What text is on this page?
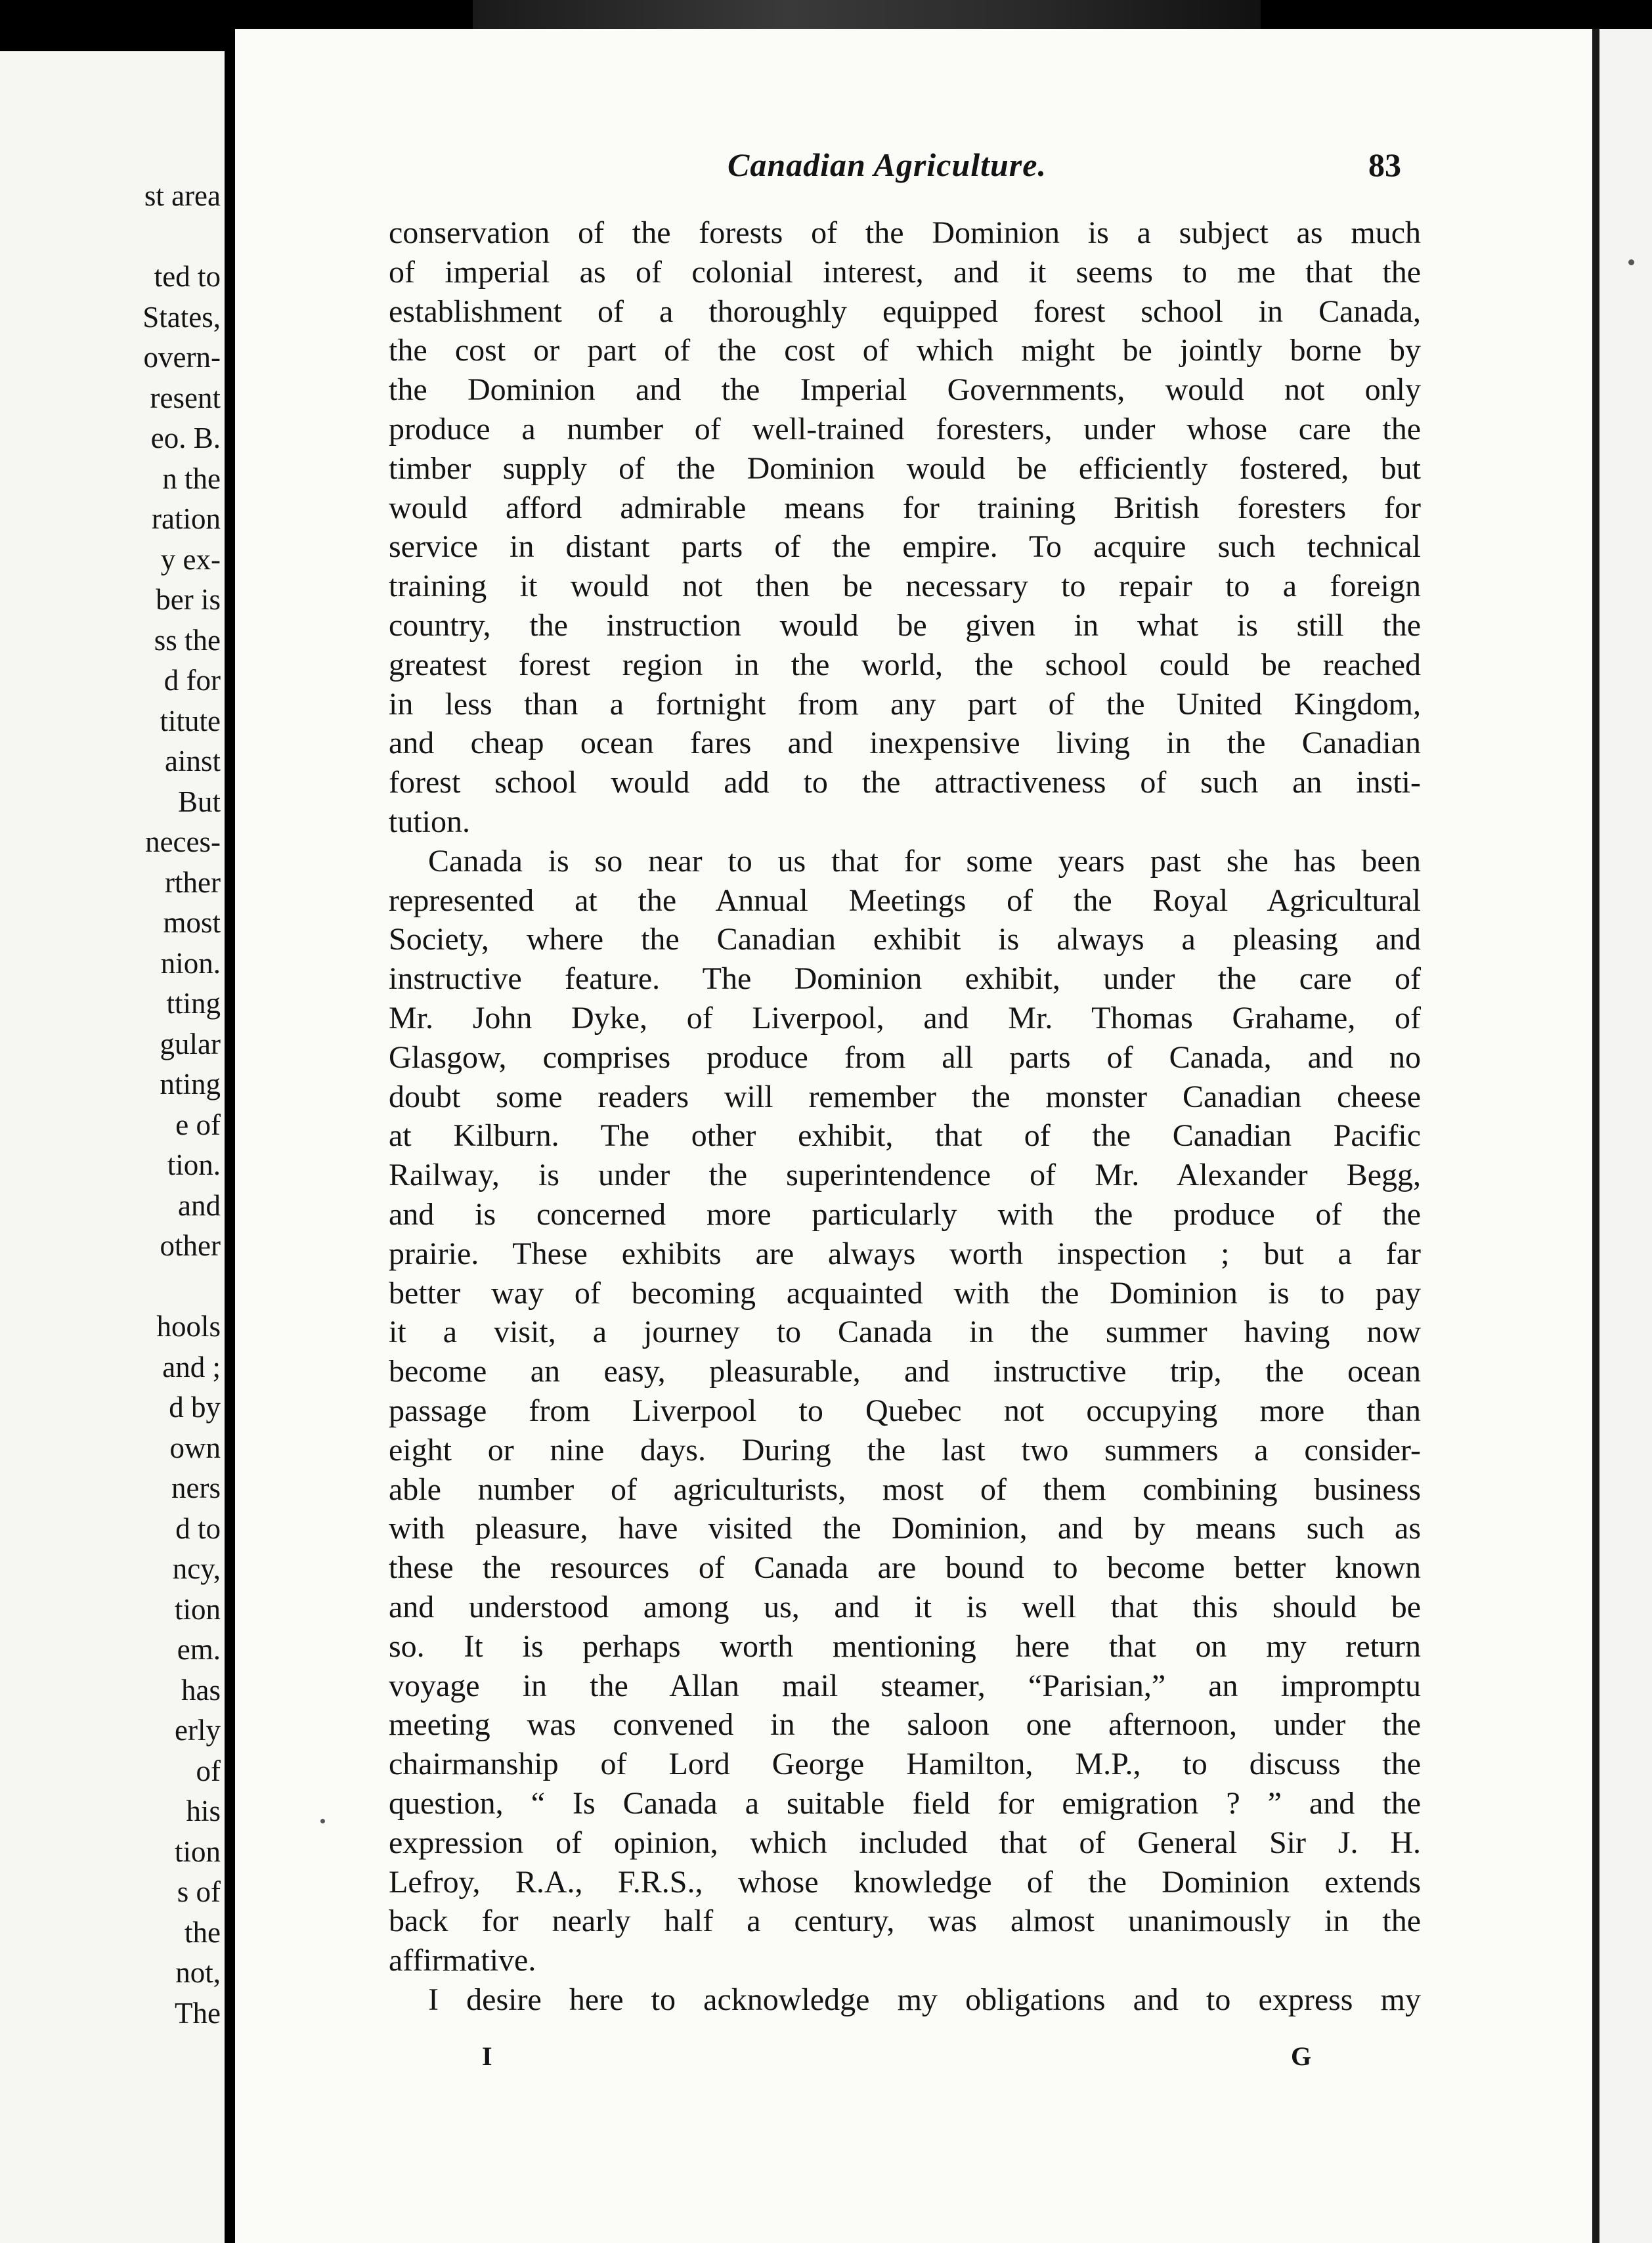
st area
ted to
States,
overn-
resent
eo. B.
n the
ration
y ex-
ber is
ss the
d for
titute
ainst
But
neces-
rther
most
nion.
tting
gular
nting
e of
tion.
and
other
hools
and ;
d by
own
ners
d to
ncy,
tion
em.
has
erly
of
his
tion
s of
the
not,
The
Canadian Agriculture.	83
conservation of the forests of the Dominion is a subject as much
of imperial as of colonial interest, and it seems to me that the
establishment of a thoroughly equipped forest school in Canada,
the cost or part of the cost of which might be jointly borne by
the Dominion and the Imperial Governments, would not only
produce a number of well-trained foresters, under whose care the
timber supply of the Dominion would be efficiently fostered, but
would afford admirable means for training British foresters for
service in distant parts of the empire. To acquire such technical
training it would not then be necessary to repair to a foreign
country, the instruction would be given in what is still the
greatest forest region in the world, the school could be reached
in less than a fortnight from any part of the United Kingdom,
and cheap ocean fares and inexpensive living in the Canadian
forest school would add to the attractiveness of such an insti-
tution.
Canada is so near to us that for some years past she has been
represented at the Annual Meetings of the Royal Agricultural
Society, where the Canadian exhibit is always a pleasing and
instructive feature. The Dominion exhibit, under the care of
Mr. John Dyke, of Liverpool, and Mr. Thomas Grahame, of
Glasgow, comprises produce from all parts of Canada, and no
doubt some readers will remember the monster Canadian cheese
at Kilburn. The other exhibit, that of the Canadian Pacific
Railway, is under the superintendence of Mr. Alexander Begg,
and is concerned more particularly with the produce of the
prairie. These exhibits are always worth inspection ; but a far
better way of becoming acquainted with the Dominion is to pay
it a visit, a journey to Canada in the summer having now
become an easy, pleasurable, and instructive trip, the ocean
passage from Liverpool to Quebec not occupying more than
eight or nine days. During the last two summers a consider-
able number of agriculturists, most of them combining business
with pleasure, have visited the Dominion, and by means such as
these the resources of Canada are bound to become better known
and understood among us, and it is well that this should be
so. It is perhaps worth mentioning here that on my return
voyage in the Allan mail steamer, “Parisian,” an impromptu
meeting was convened in the saloon one afternoon, under the
chairmanship of Lord George Hamilton, M.P., to discuss the
question, “ Is Canada a suitable field for emigration ? ” and the
expression of opinion, which included that of General Sir J. H.
Lefroy, R.A., F.R.S., whose knowledge of the Dominion extends
back for nearly half a century, was almost unanimously in the
affirmative.
I desire here to acknowledge my obligations and to express my
I	G
